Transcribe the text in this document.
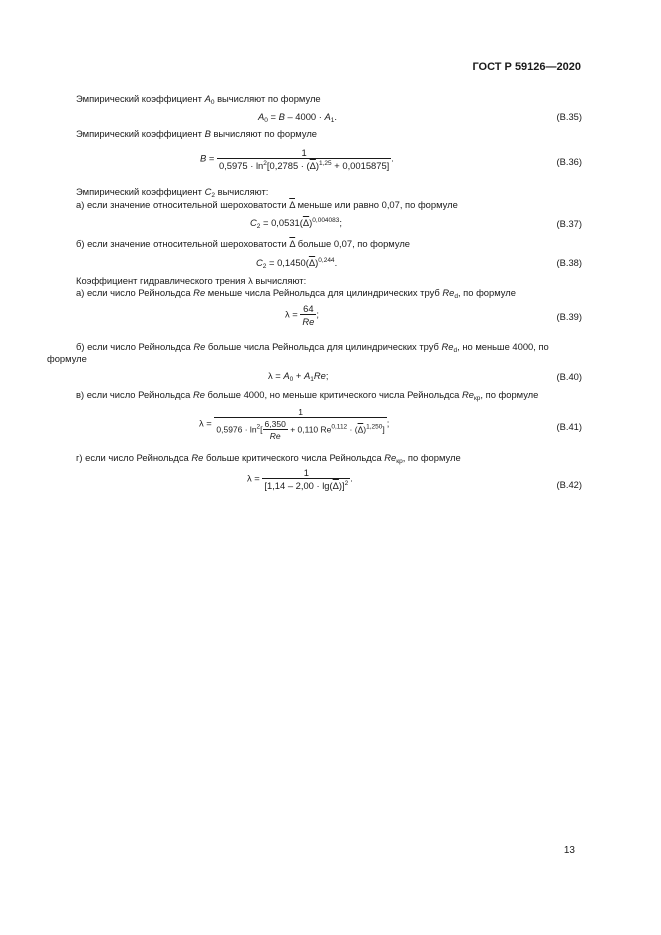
ГОСТ Р 59126—2020
Эмпирический коэффициент $A_0$ вычисляют по формуле
$A_0 = B - 4000 \cdot A_1$.	(В.35)
Эмпирический коэффициент B вычисляют по формуле
$B = \frac{1}{0,5975 \cdot \ln^2[0,2785 \cdot (\overline{\Delta})^{1,25} + 0,0015875]}$ .	(В.36)
Эмпирический коэффициент $C_2$ вычисляют:
а) если значение относительной шероховатости $\overline{\Delta}$ меньше или равно 0,07, по формуле
$C_2 = 0,0531(\overline{\Delta})^{0,004083}$;	(В.37)
б) если значение относительной шероховатости $\overline{\Delta}$ больше 0,07, по формуле
$C_2 = 0,1450(\overline{\Delta})^{0,244}$.	(В.38)
Коэффициент гидравлического трения λ вычисляют:
а) если число Рейнольдса Re меньше числа Рейнольдса для цилиндрических труб $Re_d$, по формуле
$\lambda = \frac{64}{Re}$ ;	(В.39)
б) если число Рейнольдса Re больше числа Рейнольдса для цилиндрических труб $Re_d$, но меньше 4000, по
формуле
$\lambda = A_0 + A_1Re$;	(В.40)
в) если число Рейнольдса Re больше 4000, но меньше критического числа Рейнольдса $Re_{кр}$, по формуле
$\lambda = \frac{1}{0,5976 \cdot \ln^2[ \frac{6,350}{Re} + 0,110 Re^{0,112} \cdot (\overline{\Delta})^{1,250}]}$ ;	(В.41)
г) если число Рейнольдса Re больше критического числа Рейнольдса $Re_{кр}$, по формуле
$\lambda = \frac{1}{[1,14 - 2,00 \cdot \lg(\overline{\Delta})]^2}$ .
(В.42)
13
